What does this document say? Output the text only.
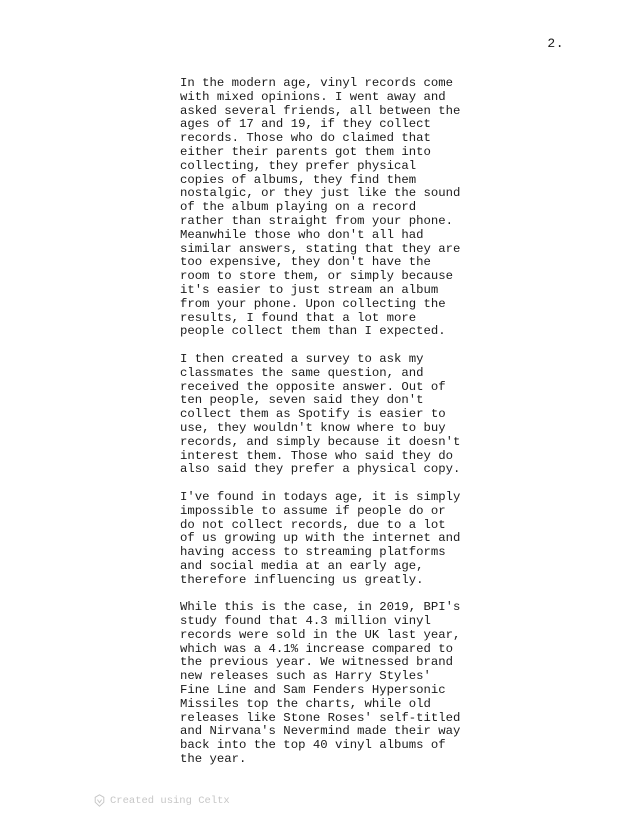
2.

In the modern age, vinyl records come
with mixed opinions. I went away and
asked several friends, all between the
ages of 17 and 19, if they collect
records. Those who do claimed that
either their parents got them into
collecting, they prefer physical
copies of albums, they find them
nostalgic, or they just like the sound
of the album playing on a record
rather than straight from your phone.
Meanwhile those who don't all had
similar answers, stating that they are
too expensive, they don't have the
room to store them, or simply because
it's easier to just stream an album
from your phone. Upon collecting the
results, I found that a lot more
people collect them than I expected.

I then created a survey to ask my
classmates the same question, and
received the opposite answer. Out of
ten people, seven said they don't
collect them as Spotify is easier to
use, they wouldn't know where to buy
records, and simply because it doesn't
interest them. Those who said they do
also said they prefer a physical copy.

I've found in todays age, it is simply
impossible to assume if people do or
do not collect records, due to a lot
of us growing up with the internet and
having access to streaming platforms
and social media at an early age,
therefore influencing us greatly.

While this is the case, in 2019, BPI's
study found that 4.3 million vinyl
records were sold in the UK last year,
which was a 4.1% increase compared to
the previous year. We witnessed brand
new releases such as Harry Styles'
Fine Line and Sam Fenders Hypersonic
Missiles top the charts, while old
releases like Stone Roses' self-titled
and Nirvana's Nevermind made their way
back into the top 40 vinyl albums of
the year.

Created using Celtx
